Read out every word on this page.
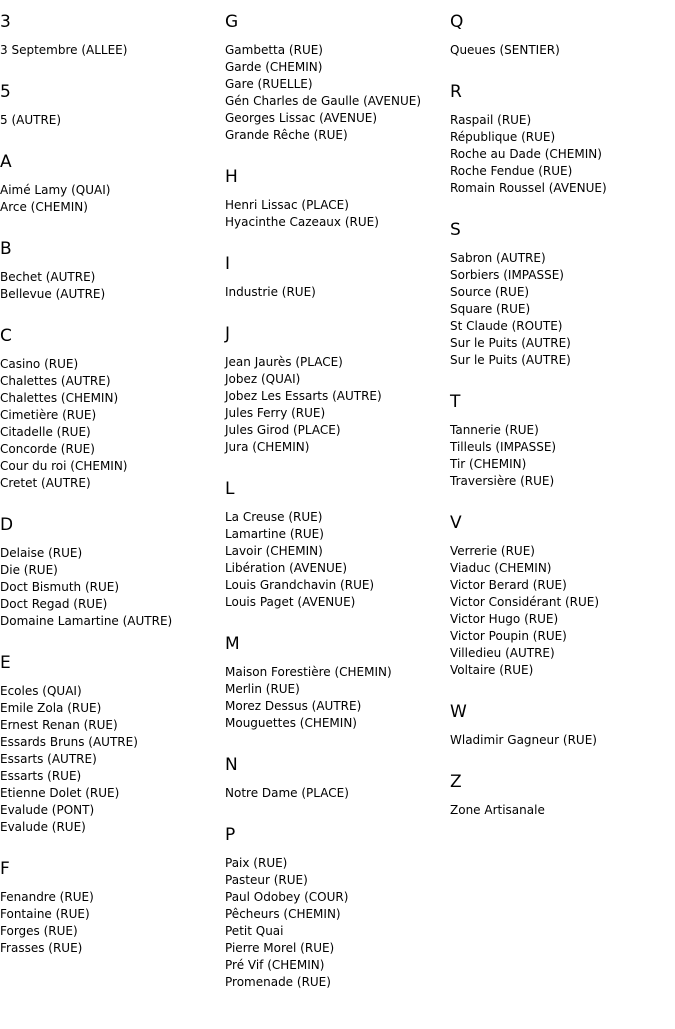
3
3 Septembre (ALLEE)
5
5 (AUTRE)
A
Aimé Lamy (QUAI)
Arce (CHEMIN)
B
Bechet (AUTRE)
Bellevue (AUTRE)
C
Casino (RUE)
Chalettes (AUTRE)
Chalettes (CHEMIN)
Cimetière (RUE)
Citadelle (RUE)
Concorde (RUE)
Cour du roi (CHEMIN)
Cretet (AUTRE)
D
Delaise (RUE)
Die (RUE)
Doct Bismuth (RUE)
Doct Regad (RUE)
Domaine Lamartine (AUTRE)
E
Ecoles (QUAI)
Emile Zola (RUE)
Ernest Renan (RUE)
Essards Bruns (AUTRE)
Essarts (AUTRE)
Essarts (RUE)
Etienne Dolet (RUE)
Evalude (PONT)
Evalude (RUE)
F
Fenandre (RUE)
Fontaine (RUE)
Forges (RUE)
Frasses (RUE)
G
Gambetta (RUE)
Garde (CHEMIN)
Gare (RUELLE)
Gén Charles de Gaulle (AVENUE)
Georges Lissac (AVENUE)
Grande Rêche (RUE)
H
Henri Lissac (PLACE)
Hyacinthe Cazeaux (RUE)
I
Industrie (RUE)
J
Jean Jaurès (PLACE)
Jobez (QUAI)
Jobez Les Essarts (AUTRE)
Jules Ferry (RUE)
Jules Girod (PLACE)
Jura (CHEMIN)
L
La Creuse (RUE)
Lamartine (RUE)
Lavoir (CHEMIN)
Libération (AVENUE)
Louis Grandchavin (RUE)
Louis Paget (AVENUE)
M
Maison Forestière (CHEMIN)
Merlin (RUE)
Morez Dessus (AUTRE)
Mouguettes (CHEMIN)
N
Notre Dame (PLACE)
P
Paix (RUE)
Pasteur (RUE)
Paul Odobey (COUR)
Pêcheurs (CHEMIN)
Petit Quai
Pierre Morel (RUE)
Pré Vif (CHEMIN)
Promenade (RUE)
Q
Queues (SENTIER)
R
Raspail (RUE)
République (RUE)
Roche au Dade (CHEMIN)
Roche Fendue (RUE)
Romain Roussel (AVENUE)
S
Sabron (AUTRE)
Sorbiers (IMPASSE)
Source (RUE)
Square (RUE)
St Claude (ROUTE)
Sur le Puits (AUTRE)
Sur le Puits (AUTRE)
T
Tannerie (RUE)
Tilleuls (IMPASSE)
Tir (CHEMIN)
Traversière (RUE)
V
Verrerie (RUE)
Viaduc (CHEMIN)
Victor Berard (RUE)
Victor Considérant (RUE)
Victor Hugo (RUE)
Victor Poupin (RUE)
Villedieu (AUTRE)
Voltaire (RUE)
W
Wladimir Gagneur (RUE)
Z
Zone Artisanale
